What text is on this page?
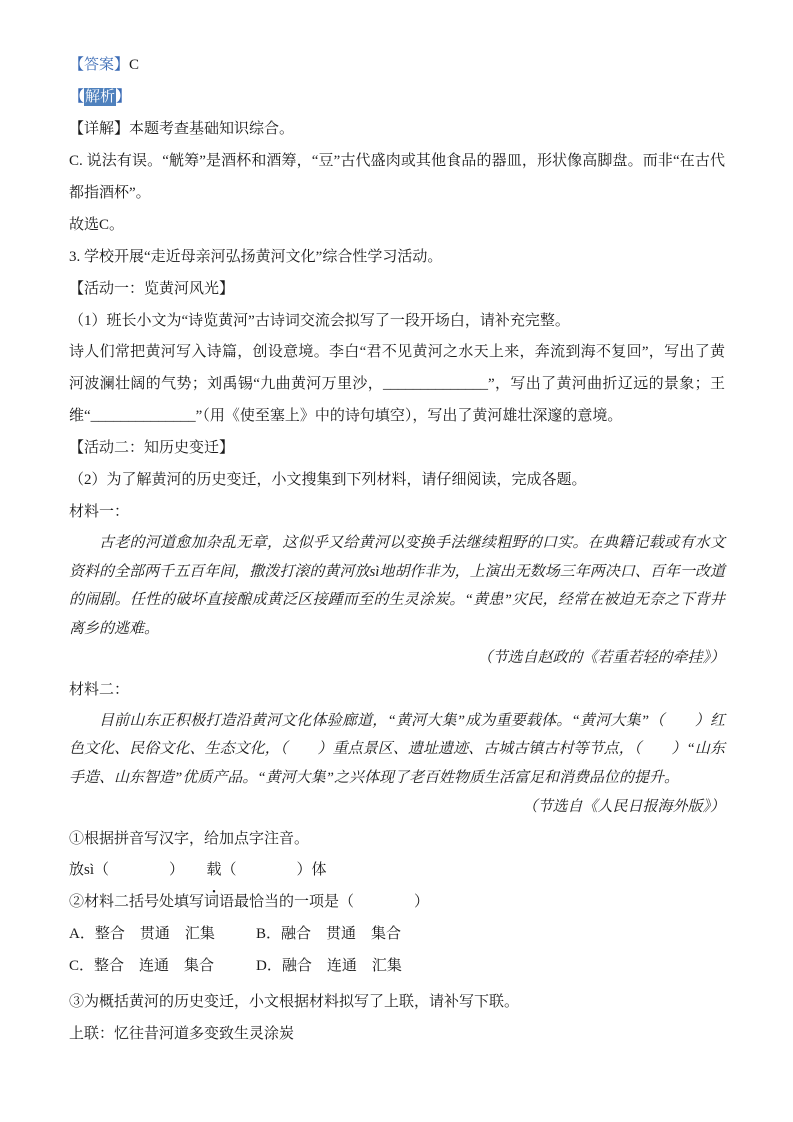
【答案】C

【解析】

【详解】本题考查基础知识综合。

C. 说法有误。“觥筹”是酒杯和酒筹，“豆”古代盛肉或其他食品的器皿，形状像高脚盘。而非“在古代都指酒杯”。

故选C。

3. 学校开展“走近母亲河弘扬黄河文化”综合性学习活动。

【活动一：览黄河风光】

（1）班长小文为“诗览黄河”古诗词交流会拟写了一段开场白，请补充完整。

诗人们常把黄河写入诗篇，创设意境。李白“君不见黄河之水天上来，奔流到海不复回”，写出了黄河波澜壮阔的气势；刘禹锡“九曲黄河万里沙，______________”，写出了黄河曲折辽远的景象；王维“______________”（用《使至塞上》中的诗句填空），写出了黄河雄壮深邃的意境。

【活动二：知历史变迁】

（2）为了解黄河的历史变迁，小文搜集到下列材料，请仔细阅读，完成各题。

材料一：

古老的河道愈加杂乱无章，这似乎又给黄河以变换手法继续粗野的口实。在典籍记载或有水文资料的全部两千五百年间，撒泼打滚的黄河放sì地胡作非为，上演出无数场三年两决口、百年一改道的闹剧。任性的破坏直接酿成黄泛区接踵而至的生灵涂炭。“黄患”灾民，经常在被迫无奈之下背井离乡的逃难。

（节选自赵政的《若重若轻的牵挂》）

材料二：

目前山东正积极打造沿黄河文化体验廊道，“黄河大集”成为重要载体。“黄河大集”（　　）红色文化、民俗文化、生态文化，（　　）重点景区、遗址遗迹、古城古镇古村等节点，（　　）“山东手造、山东智造”优质产品。“黄河大集”之兴体现了老百姓物质生活富足和消费品位的提升。

（节选自《人民日报海外版》）

①根据拼音写汉字，给加点字注音。

放sì（　　　　）　　载（　　　　）体

②材料二括号处填写词语最恰当的一项是（　　　　）

A．整合　贯通　汇集	B．融合　贯通　集合

C．整合　连通　集合	D．融合　连通　汇集

③为概括黄河的历史变迁，小文根据材料拟写了上联，请补写下联。

上联：忆往昔河道多变致生灵涂炭
